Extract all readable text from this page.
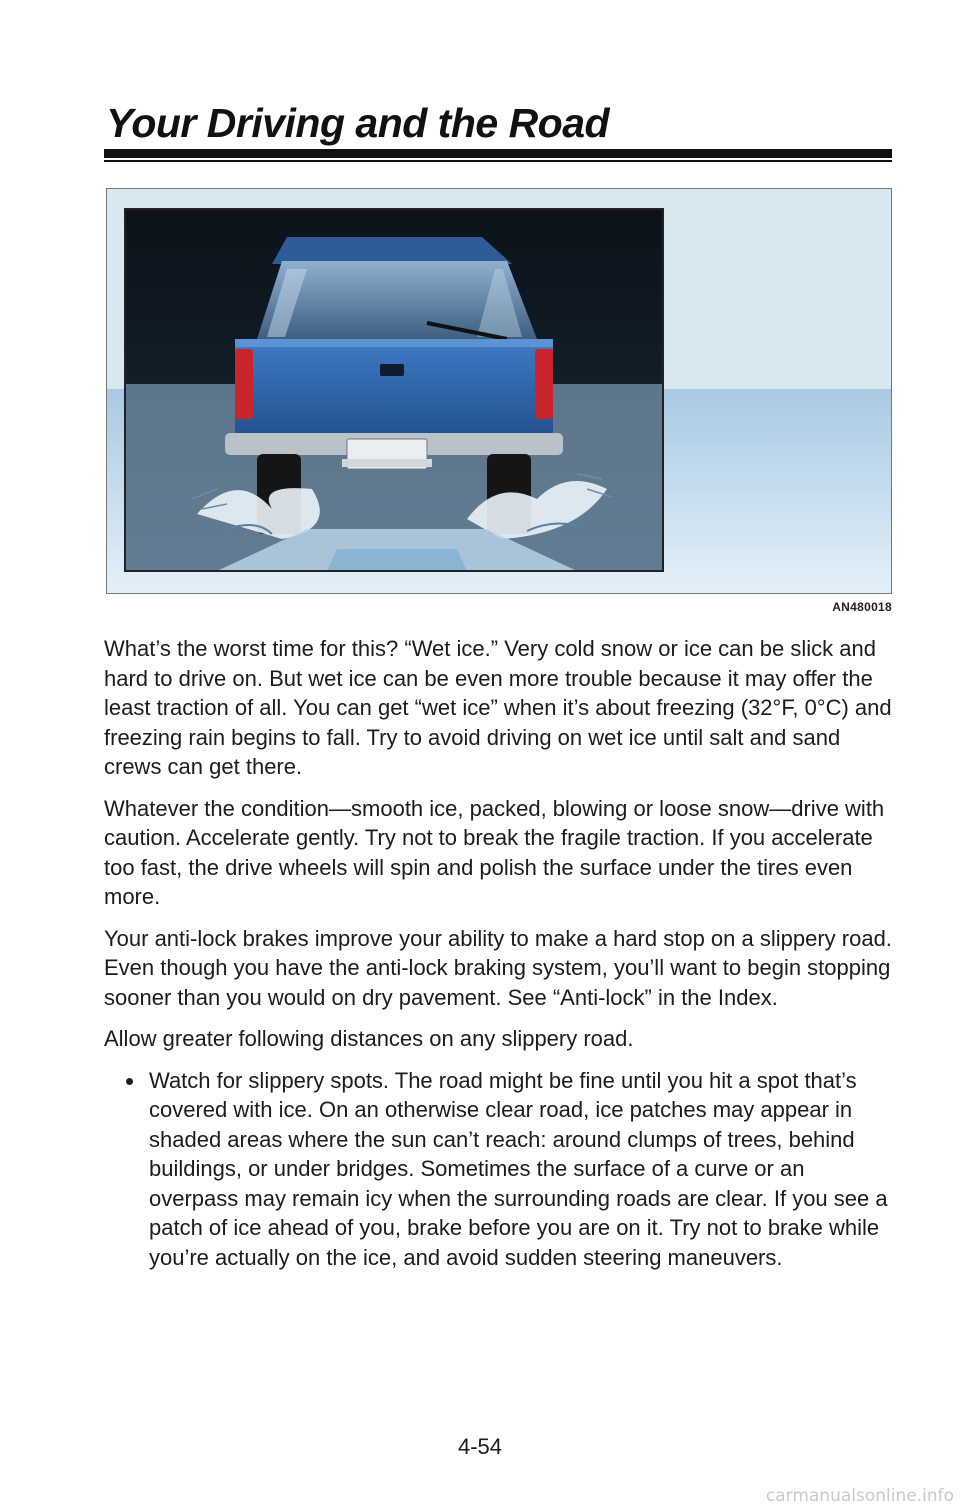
Your Driving and the Road
AN480018

What’s the worst time for this? “Wet ice.” Very cold snow or ice can be slick and hard to drive on. But wet ice can be even more trouble because it may offer the least traction of all. You can get “wet ice” when it’s about freezing (32°F, 0°C) and freezing rain begins to fall. Try to avoid driving on wet ice until salt and sand crews can get there.

Whatever the condition—smooth ice, packed, blowing or loose snow—drive with caution. Accelerate gently. Try not to break the fragile traction. If you accelerate too fast, the drive wheels will spin and polish the surface under the tires even more.

Your anti-lock brakes improve your ability to make a hard stop on a slippery road. Even though you have the anti-lock braking system, you’ll want to begin stopping sooner than you would on dry pavement. See “Anti-lock” in the Index.

Allow greater following distances on any slippery road.

Watch for slippery spots. The road might be fine until you hit a spot that’s covered with ice. On an otherwise clear road, ice patches may appear in shaded areas where the sun can’t reach: around clumps of trees, behind buildings, or under bridges. Sometimes the surface of a curve or an overpass may remain icy when the surrounding roads are clear. If you see a patch of ice ahead of you, brake before you are on it. Try not to brake while you’re actually on the ice, and avoid sudden steering maneuvers.
4-54
carmanualsonline.info
